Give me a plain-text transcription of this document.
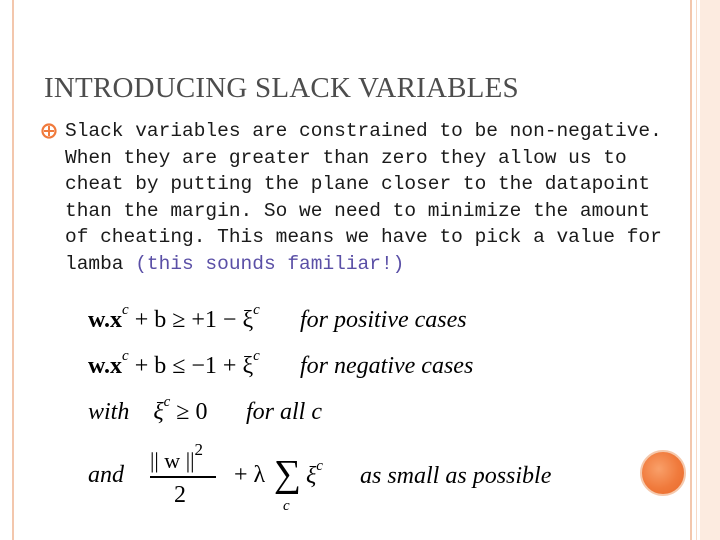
INTRODUCING SLACK VARIABLES
Slack variables are constrained to be non-negative. When they are greater than zero they allow us to cheat by putting the plane closer to the datapoint than the margin. So we need to minimize the amount of cheating. This means we have to pick a value for lamba (this sounds familiar!)
$w.x^c + b \ge +1 - \xi^c$ for positive cases
$w.x^c + b \le -1 + \xi^c$ for negative cases
with $\xi^c \ge 0$ for all c
and
|| w $||^2$
2
+ λ ∑
c
$\xi^c$ as small as possible
